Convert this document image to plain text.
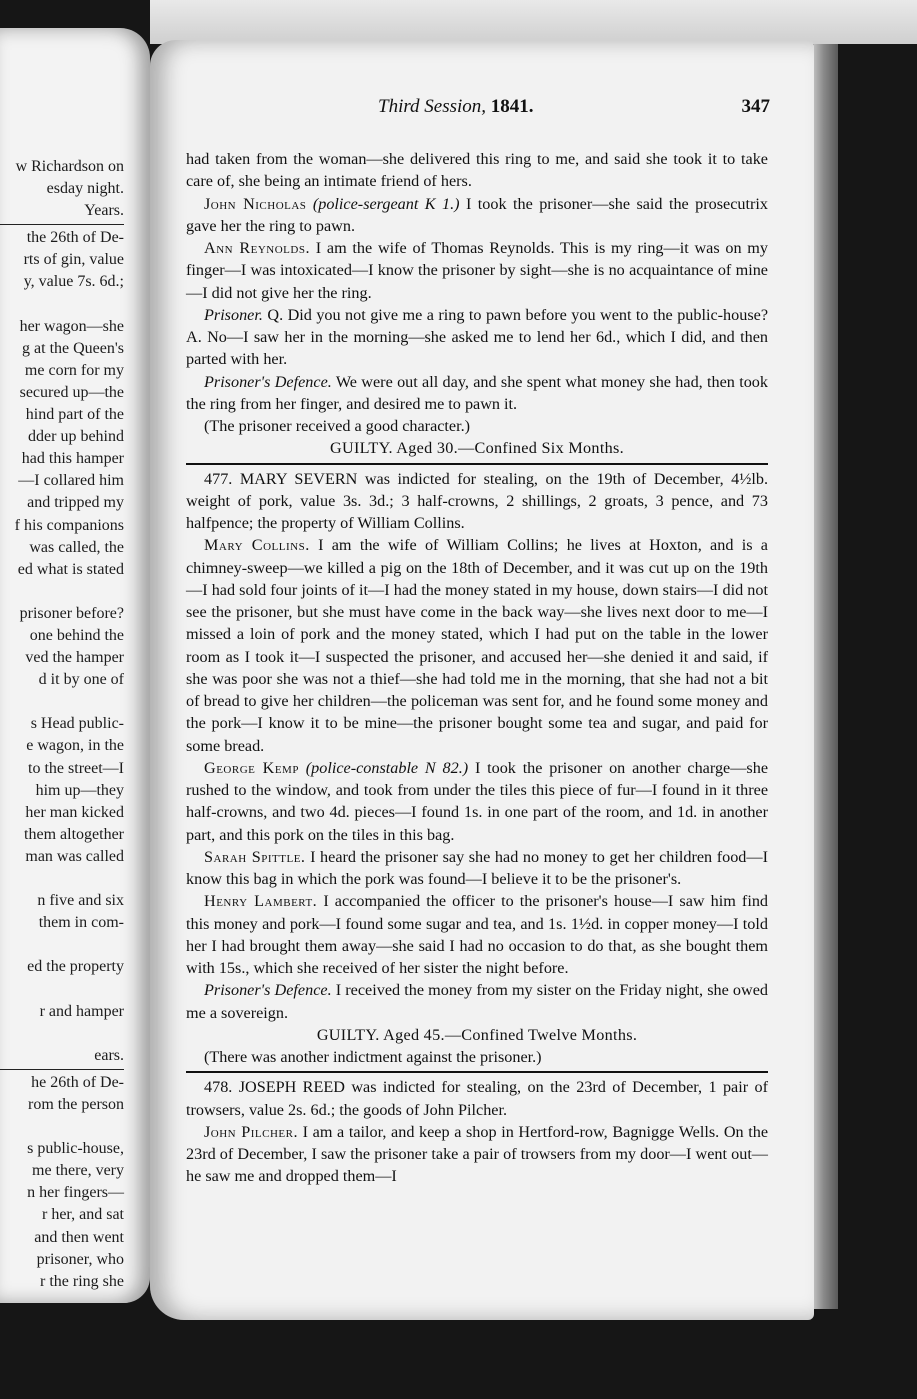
w Richardson on
esday night.
Years.
the 26th of De-
rts of gin, value
y, value 7s. 6d.;
her wagon—she
g at the Queen's
me corn for my
secured up—the
hind part of the
dder up behind
had this hamper
—I collared him
and tripped my
f his companions
was called, the
ed what is stated
prisoner before?
one behind the
ved the hamper
d it by one of
s Head public-
e wagon, in the
to the street—I
him up—they
her man kicked
them altogether
man was called
n five and six
them in com-
ed the property
r and hamper
ears.
he 26th of De-
rom the person
s public-house,
me there, very
n her fingers—
r her, and sat
and then went
prisoner, who
r the ring she
Third Session, 1841.	347

had taken from the woman—she delivered this ring to me, and said she took it to take care of, she being an intimate friend of hers.

John Nicholas (police-sergeant K 1.) I took the prisoner—she said the prosecutrix gave her the ring to pawn.

Ann Reynolds. I am the wife of Thomas Reynolds. This is my ring—it was on my finger—I was intoxicated—I know the prisoner by sight—she is no acquaintance of mine—I did not give her the ring.

Prisoner. Q. Did you not give me a ring to pawn before you went to the public-house? A. No—I saw her in the morning—she asked me to lend her 6d., which I did, and then parted with her.

Prisoner's Defence. We were out all day, and she spent what money she had, then took the ring from her finger, and desired me to pawn it.

(The prisoner received a good character.)

GUILTY. Aged 30.—Confined Six Months.

477. MARY SEVERN was indicted for stealing, on the 19th of December, 4½lb. weight of pork, value 3s. 3d.; 3 half-crowns, 2 shillings, 2 groats, 3 pence, and 73 halfpence; the property of William Collins.

Mary Collins. I am the wife of William Collins; he lives at Hoxton, and is a chimney-sweep—we killed a pig on the 18th of December, and it was cut up on the 19th—I had sold four joints of it—I had the money stated in my house, down stairs—I did not see the prisoner, but she must have come in the back way—she lives next door to me—I missed a loin of pork and the money stated, which I had put on the table in the lower room as I took it—I suspected the prisoner, and accused her—she denied it and said, if she was poor she was not a thief—she had told me in the morning, that she had not a bit of bread to give her children—the policeman was sent for, and he found some money and the pork—I know it to be mine—the prisoner bought some tea and sugar, and paid for some bread.

George Kemp (police-constable N 82.) I took the prisoner on another charge—she rushed to the window, and took from under the tiles this piece of fur—I found in it three half-crowns, and two 4d. pieces—I found 1s. in one part of the room, and 1d. in another part, and this pork on the tiles in this bag.

Sarah Spittle. I heard the prisoner say she had no money to get her children food—I know this bag in which the pork was found—I believe it to be the prisoner's.

Henry Lambert. I accompanied the officer to the prisoner's house—I saw him find this money and pork—I found some sugar and tea, and 1s. 1½d. in copper money—I told her I had brought them away—she said I had no occasion to do that, as she bought them with 15s., which she received of her sister the night before.

Prisoner's Defence. I received the money from my sister on the Friday night, she owed me a sovereign.

GUILTY. Aged 45.—Confined Twelve Months.

(There was another indictment against the prisoner.)

478. JOSEPH REED was indicted for stealing, on the 23rd of December, 1 pair of trowsers, value 2s. 6d.; the goods of John Pilcher.

John Pilcher. I am a tailor, and keep a shop in Hertford-row, Bagnigge Wells. On the 23rd of December, I saw the prisoner take a pair of trowsers from my door—I went out—he saw me and dropped them—I
